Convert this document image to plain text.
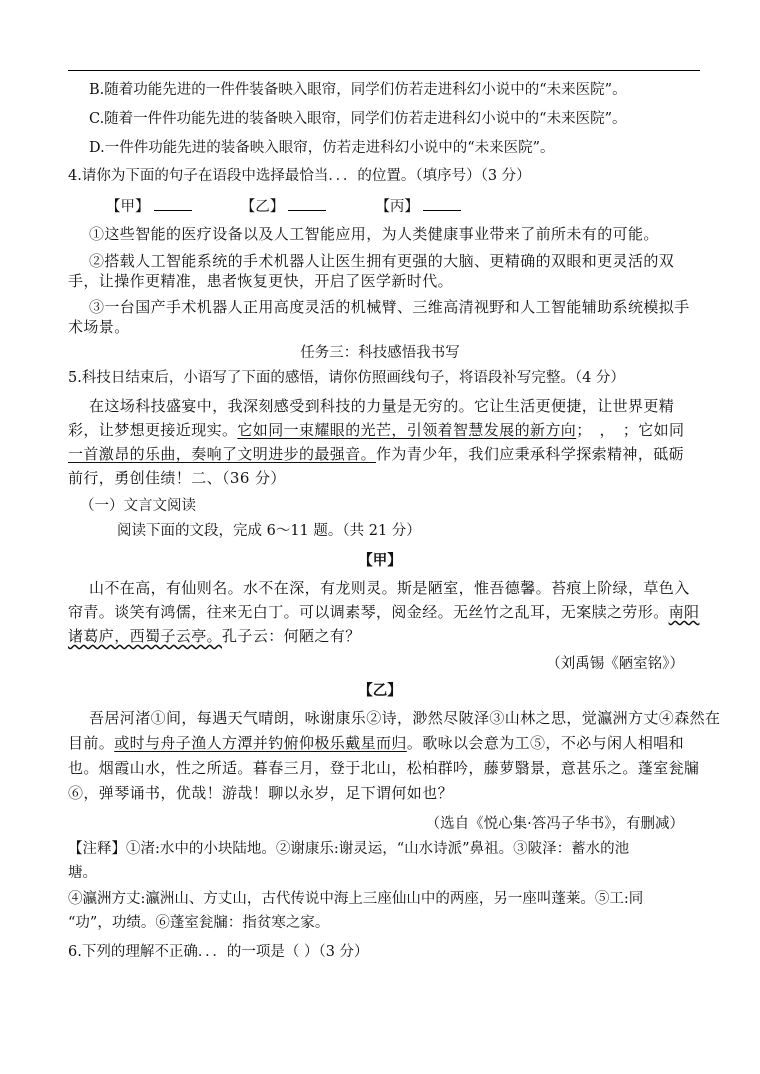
B.随着功能先进的一件件装备映入眼帘，同学们仿若走进科幻小说中的“未来医院”。
C.随着一件件功能先进的装备映入眼帘，同学们仿若走进科幻小说中的“未来医院”。
D.一件件功能先进的装备映入眼帘，仿若走进科幻小说中的“未来医院”。
4.请你为下面的句子在语段中选择最恰当．．．的位置。（填序号）（3 分）
【甲】	【乙】	【丙】
①这些智能的医疗设备以及人工智能应用，为人类健康事业带来了前所未有的可能。
②搭载人工智能系统的手术机器人让医生拥有更强的大脑、更精确的双眼和更灵活的双
手，让操作更精准，患者恢复更快，开启了医学新时代。
③一台国产手术机器人正用高度灵活的机械臂、三维高清视野和人工智能辅助系统模拟手
术场景。
任务三：科技感悟我书写
5.科技日结束后，小语写了下面的感悟，请你仿照画线句子，将语段补写完整。（4 分）
在这场科技盛宴中，我深刻感受到科技的力量是无穷的。它让生活更便捷，让世界更精
彩，让梦想更接近现实。它如同一束耀眼的光芒，引领着智慧发展的新方向；　，　；它如同
一首激昂的乐曲，奏响了文明进步的最强音。作为青少年，我们应秉承科学探索精神，砥砺
前行，勇创佳绩！二、（36 分）
（一）文言文阅读
阅读下面的文段，完成 6～11 题。（共 21 分）
【甲】
山不在高，有仙则名。水不在深，有龙则灵。斯是陋室，惟吾德馨。苔痕上阶绿，草色入
帘青。谈笑有鸿儒，往来无白丁。可以调素琴，阅金经。无丝竹之乱耳，无案牍之劳形。南阳
诸葛庐，西蜀子云亭。孔子云：何陋之有？
（刘禹锡《陋室铭》）
【乙】
吾居河渚①间，每遇天气晴朗，咏谢康乐②诗，渺然尽陂泽③山林之思，觉瀛洲方丈④森然在
目前。或时与舟子渔人方潭并钓俯仰极乐戴星而归。歌咏以会意为工⑤，不必与闲人相唱和
也。烟霞山水，性之所适。暮春三月，登于北山，松柏群吟，藤萝翳景，意甚乐之。蓬室瓮牖
⑥，弹琴诵书，优哉！游哉！聊以永岁，足下谓何如也？
（选自《悦心集·答冯子华书》，有删减）
【注释】①渚:水中的小块陆地。②谢康乐:谢灵运，“山水诗派”鼻祖。③陂泽：蓄水的池
塘。
④瀛洲方丈:瀛洲山、方丈山，古代传说中海上三座仙山中的两座，另一座叫蓬莱。⑤工:同
“功”，功绩。⑥蓬室瓮牖：指贫寒之家。
6.下列的理解不正确．．．的一项是（ ）（3 分）
